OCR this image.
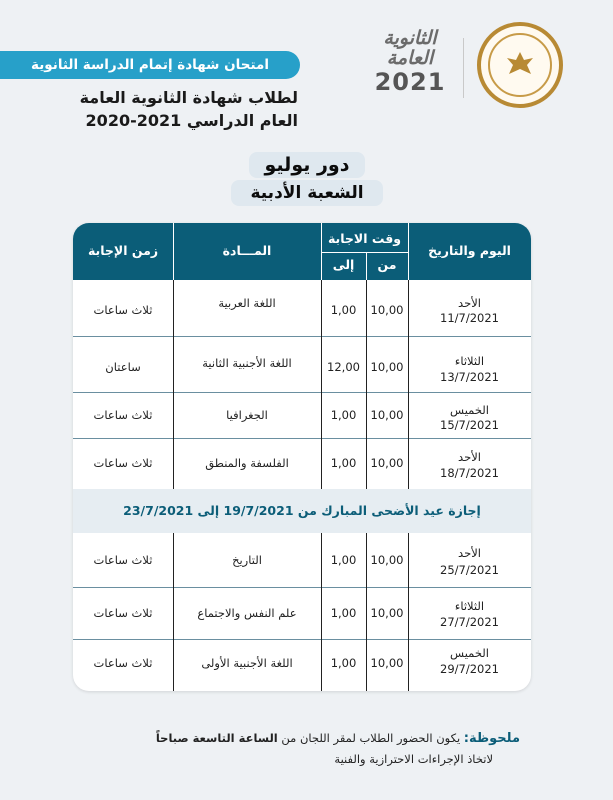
امتحان شهادة إتمام الدراسة الثانوية
لطلاب شهادة الثانوية العامة
العام الدراسي 2021-2020
الثانوية العامة
2021
دور يوليو
الشعبة الأدبية
اليوم والتاريخ
وقت الاجابة
من
إلى
المـــادة
زمن الإجابة
الأحد
11/7/2021
10,00
1,00
اللغة العربية
ثلاث ساعات
الثلاثاء
13/7/2021
10,00
12,00
اللغة الأجنبية الثانية
ساعتان
الخميس
15/7/2021
10,00
1,00
الجغرافيا
ثلاث ساعات
الأحد
18/7/2021
10,00
1,00
الفلسفة والمنطق
ثلاث ساعات
إجازة عيد الأضحى المبارك من 19/7/2021 إلى 23/7/2021
الأحد
25/7/2021
10,00
1,00
التاريخ
ثلاث ساعات
الثلاثاء
27/7/2021
10,00
1,00
علم النفس والاجتماع
ثلاث ساعات
الخميس
29/7/2021
10,00
1,00
اللغة الأجنبية الأولى
ثلاث ساعات
ملحوظة: يكون الحضور الطلاب لمقر اللجان من الساعة التاسعة صباحاً
لاتخاذ الإجراءات الاحترازية والفنية
